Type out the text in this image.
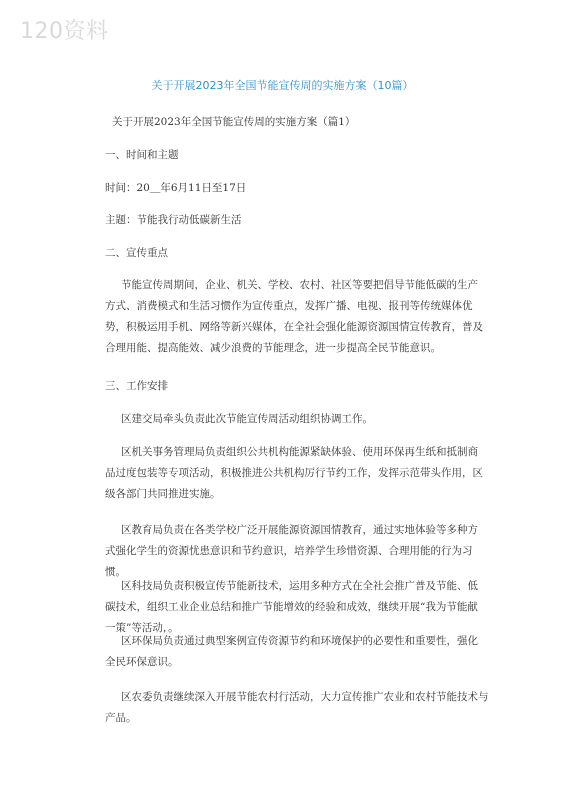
120资料
关于开展2023年全国节能宣传周的实施方案（10篇）
关于开展2023年全国节能宣传周的实施方案（篇1）
一、时间和主题
时间：20＿年6月11日至17日
主题：节能我行动低碳新生活
二、宣传重点
节能宣传周期间，企业、机关、学校、农村、社区等要把倡导节能低碳的生产方式、消费模式和生活习惯作为宣传重点，发挥广播、电视、报刊等传统媒体优势，积极运用手机、网络等新兴媒体，在全社会强化能源资源国情宣传教育，普及合理用能、提高能效、减少浪费的节能理念，进一步提高全民节能意识。
三、工作安排
区建交局牵头负责此次节能宣传周活动组织协调工作。
区机关事务管理局负责组织公共机构能源紧缺体验、使用环保再生纸和抵制商品过度包装等专项活动，积极推进公共机构厉行节约工作，发挥示范带头作用，区级各部门共同推进实施。
区教育局负责在各类学校广泛开展能源资源国情教育，通过实地体验等多种方式强化学生的资源忧患意识和节约意识，培养学生珍惜资源、合理用能的行为习惯。
区科技局负责积极宣传节能新技术，运用多种方式在全社会推广普及节能、低碳技术，组织工业企业总结和推广节能增效的经验和成效，继续开展“我为节能献一策”等活动，。
区环保局负责通过典型案例宣传资源节约和环境保护的必要性和重要性，强化全民环保意识。
区农委负责继续深入开展节能农村行活动，大力宣传推广农业和农村节能技术与产品。
